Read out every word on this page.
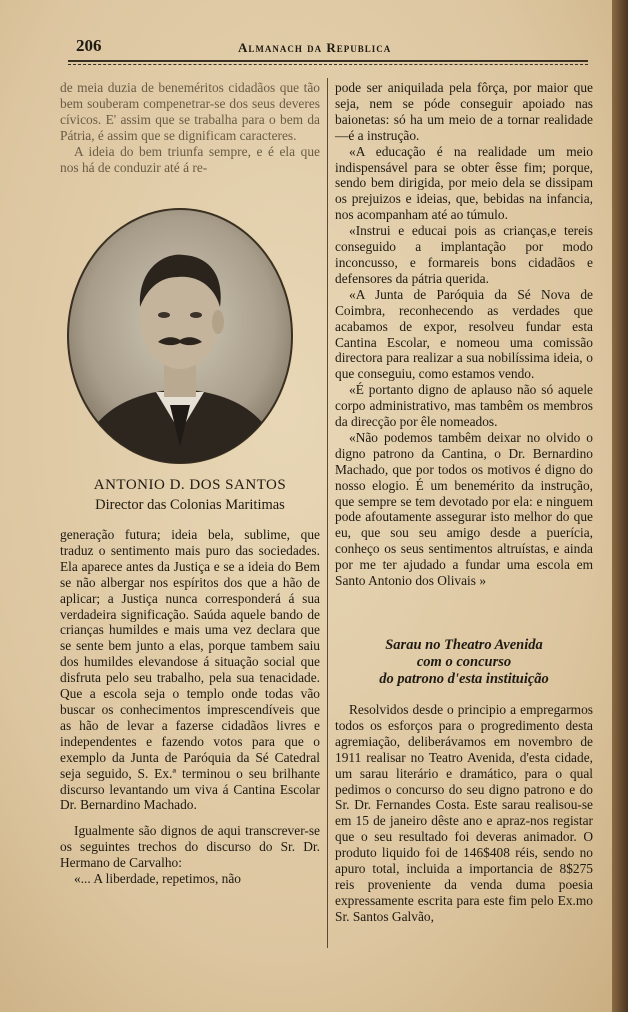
206	Almanach da Republica

de meia duzia de beneméritos cidadãos que tão bem souberam compenetrar-se dos seus deveres cívicos. E' assim que se trabalha para o bem da Pátria, é assim que se dignificam caracteres.

A ideia do bem triunfa sempre, e é ela que nos há de conduzir até á re-

ANTONIO D. DOS SANTOS
Director das Colonias Maritimas

generação futura; ideia bela, sublime, que traduz o sentimento mais puro das sociedades. Ela aparece antes da Justiça e se a ideia do Bem se não albergar nos espíritos dos que a hão de aplicar; a Justiça nunca corresponderá á sua verdadeira significação. Saúda aquele bando de crianças humildes e mais uma vez declara que se sente bem junto a elas, porque tambem saiu dos humildes elevandose á situação social que disfruta pelo seu trabalho, pela sua tenacidade. Que a escola seja o templo onde todas vão buscar os conhecimentos imprescendíveis que as hão de levar a fazerse cidadãos livres e independentes e fazendo votos para que o exemplo da Junta de Paróquia da Sé Catedral seja seguido, S. Ex.ª terminou o seu brilhante discurso levantando um viva á Cantina Escolar Dr. Bernardino Machado.

Igualmente são dignos de aqui transcrever-se os seguintes trechos do discurso do Sr. Dr. Hermano de Carvalho:

«... A liberdade, repetimos, não

pode ser aniquilada pela fôrça, por maior que seja, nem se póde conseguir apoiado nas baionetas: só ha um meio de a tornar realidade—é a instrução.

«A educação é na realidade um meio indispensável para se obter êsse fim; porque, sendo bem dirigida, por meio dela se dissipam os prejuizos e ideias, que, bebidas na infancia, nos acompanham até ao túmulo.

«Instrui e educai pois as crianças,e tereis conseguido a implantação por modo inconcusso, e formareis bons cidadãos e defensores da pátria querida.

«A Junta de Paróquia da Sé Nova de Coimbra, reconhecendo as verdades que acabamos de expor, resolveu fundar esta Cantina Escolar, e nomeou uma comissão directora para realizar a sua nobilíssima ideia, o que conseguiu, como estamos vendo.

«É portanto digno de aplauso não só aquele corpo administrativo, mas tambêm os membros da direcção por êle nomeados.

«Não podemos tambêm deixar no olvido o digno patrono da Cantina, o Dr. Bernardino Machado, que por todos os motivos é digno do nosso elogio. É um benemérito da instrução, que sempre se tem devotado por ela: e ninguem pode afoutamente assegurar isto melhor do que eu, que sou seu amigo desde a puerícia, conheço os seus sentimentos altruístas, e ainda por me ter ajudado a fundar uma escola em Santo Antonio dos Olivais »

Sarau no Theatro Avenida
com o concurso
do patrono d'esta instituição

Resolvidos desde o principio a empregarmos todos os esforços para o progredimento desta agremiação, deliberávamos em novembro de 1911 realisar no Teatro Avenida, d'esta cidade, um sarau literário e dramático, para o qual pedimos o concurso do seu digno patrono e do Sr. Dr. Fernandes Costa. Este sarau realisou-se em 15 de janeiro dêste ano e apraz-nos registar que o seu resultado foi deveras animador. O produto liquido foi de 146$408 réis, sendo no apuro total, incluida a importancia de 8$275 reis proveniente da venda duma poesia expressamente escrita para este fim pelo Ex.mo Sr. Santos Galvão,
